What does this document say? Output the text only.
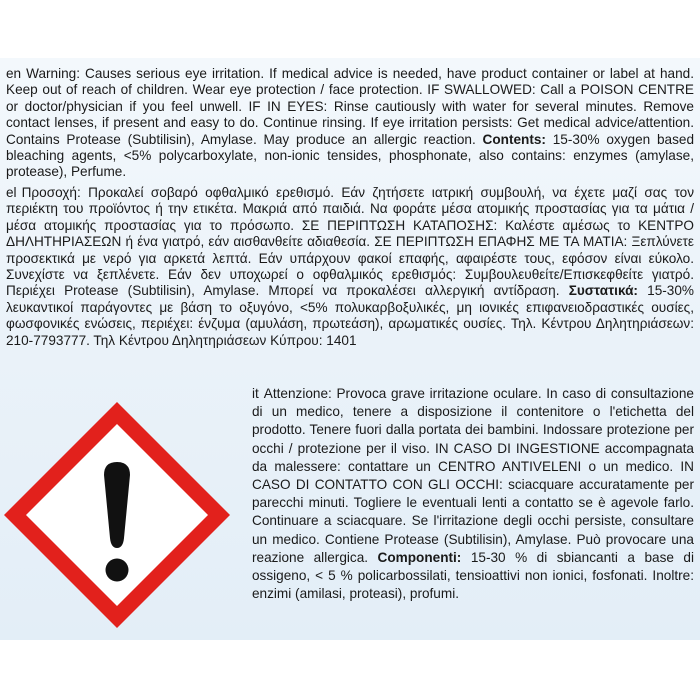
en Warning: Causes serious eye irritation. If medical advice is needed, have product container or label at hand. Keep out of reach of children. Wear eye protection / face protection. IF SWALLOWED: Call a POISON CENTRE or doctor/physician if you feel unwell. IF IN EYES: Rinse cautiously with water for several minutes. Remove contact lenses, if present and easy to do. Continue rinsing. If eye irritation persists: Get medical advice/attention. Contains Protease (Subtilisin), Amylase. May produce an allergic reaction. Contents: 15-30% oxygen based bleaching agents, <5% polycarboxylate, non-ionic tensides, phosphonate, also contains: enzymes (amylase, protease), Perfume.

el Προσοχή: Προκαλεί σοβαρό οφθαλμικό ερεθισμό. Εάν ζητήσετε ιατρική συμβουλή, να έχετε μαζί σας τον περιέκτη του προϊόντος ή την ετικέτα. Μακριά από παιδιά. Να φοράτε μέσα ατομικής προστασίας για τα μάτια / μέσα ατομικής προστασίας για το πρόσωπο. ΣΕ ΠΕΡΙΠΤΩΣΗ ΚΑΤΑΠΟΣΗΣ: Καλέστε αμέσως το ΚΕΝΤΡΟ ΔΗΛΗΤΗΡΙΑΣΕΩΝ ή ένα γιατρό, εάν αισθανθείτε αδιαθεσία. ΣΕ ΠΕΡΙΠΤΩΣΗ ΕΠΑΦΗΣ ΜΕ ΤΑ ΜΑΤΙΑ: Ξεπλύνετε προσεκτικά με νερό για αρκετά λεπτά. Εάν υπάρχουν φακοί επαφής, αφαιρέστε τους, εφόσον είναι εύκολο. Συνεχίστε να ξεπλένετε. Εάν δεν υποχωρεί ο οφθαλμικός ερεθισμός: Συμβουλευθείτε/Επισκεφθείτε γιατρό. Περιέχει Protease (Subtilisin), Amylase. Μπορεί να προκαλέσει αλλεργική αντίδραση. Συστατικά: 15-30% λευκαντικοί παράγοντες με βάση το οξυγόνο, <5% πολυκαρβοξυλικές, μη ιονικές επιφανειοδραστικές ουσίες, φωσφονικές ενώσεις, περιέχει: ένζυμα (αμυλάση, πρωτεάση), αρωματικές ουσίες. Τηλ. Κέντρου Δηλητηριάσεων: 210-7793777. Τηλ Κέντρου Δηλητηριάσεων Κύπρου: 1401

it Attenzione: Provoca grave irritazione oculare. In caso di consultazione di un medico, tenere a disposizione il contenitore o l'etichetta del prodotto. Tenere fuori dalla portata dei bambini. Indossare protezione per occhi / protezione per il viso. IN CASO DI INGESTIONE accompagnata da malessere: contattare un CENTRO ANTIVELENI o un medico. IN CASO DI CONTATTO CON GLI OCCHI: sciacquare accuratamente per parecchi minuti. Togliere le eventuali lenti a contatto se è agevole farlo. Continuare a sciacquare. Se l'irritazione degli occhi persiste, consultare un medico. Contiene Protease (Subtilisin), Amylase. Può provocare una reazione allergica. Componenti: 15-30 % di sbiancanti a base di ossigeno, < 5 % policarbossilati, tensioattivi non ionici, fosfonati. Inoltre: enzimi (amilasi, proteasi), profumi.
